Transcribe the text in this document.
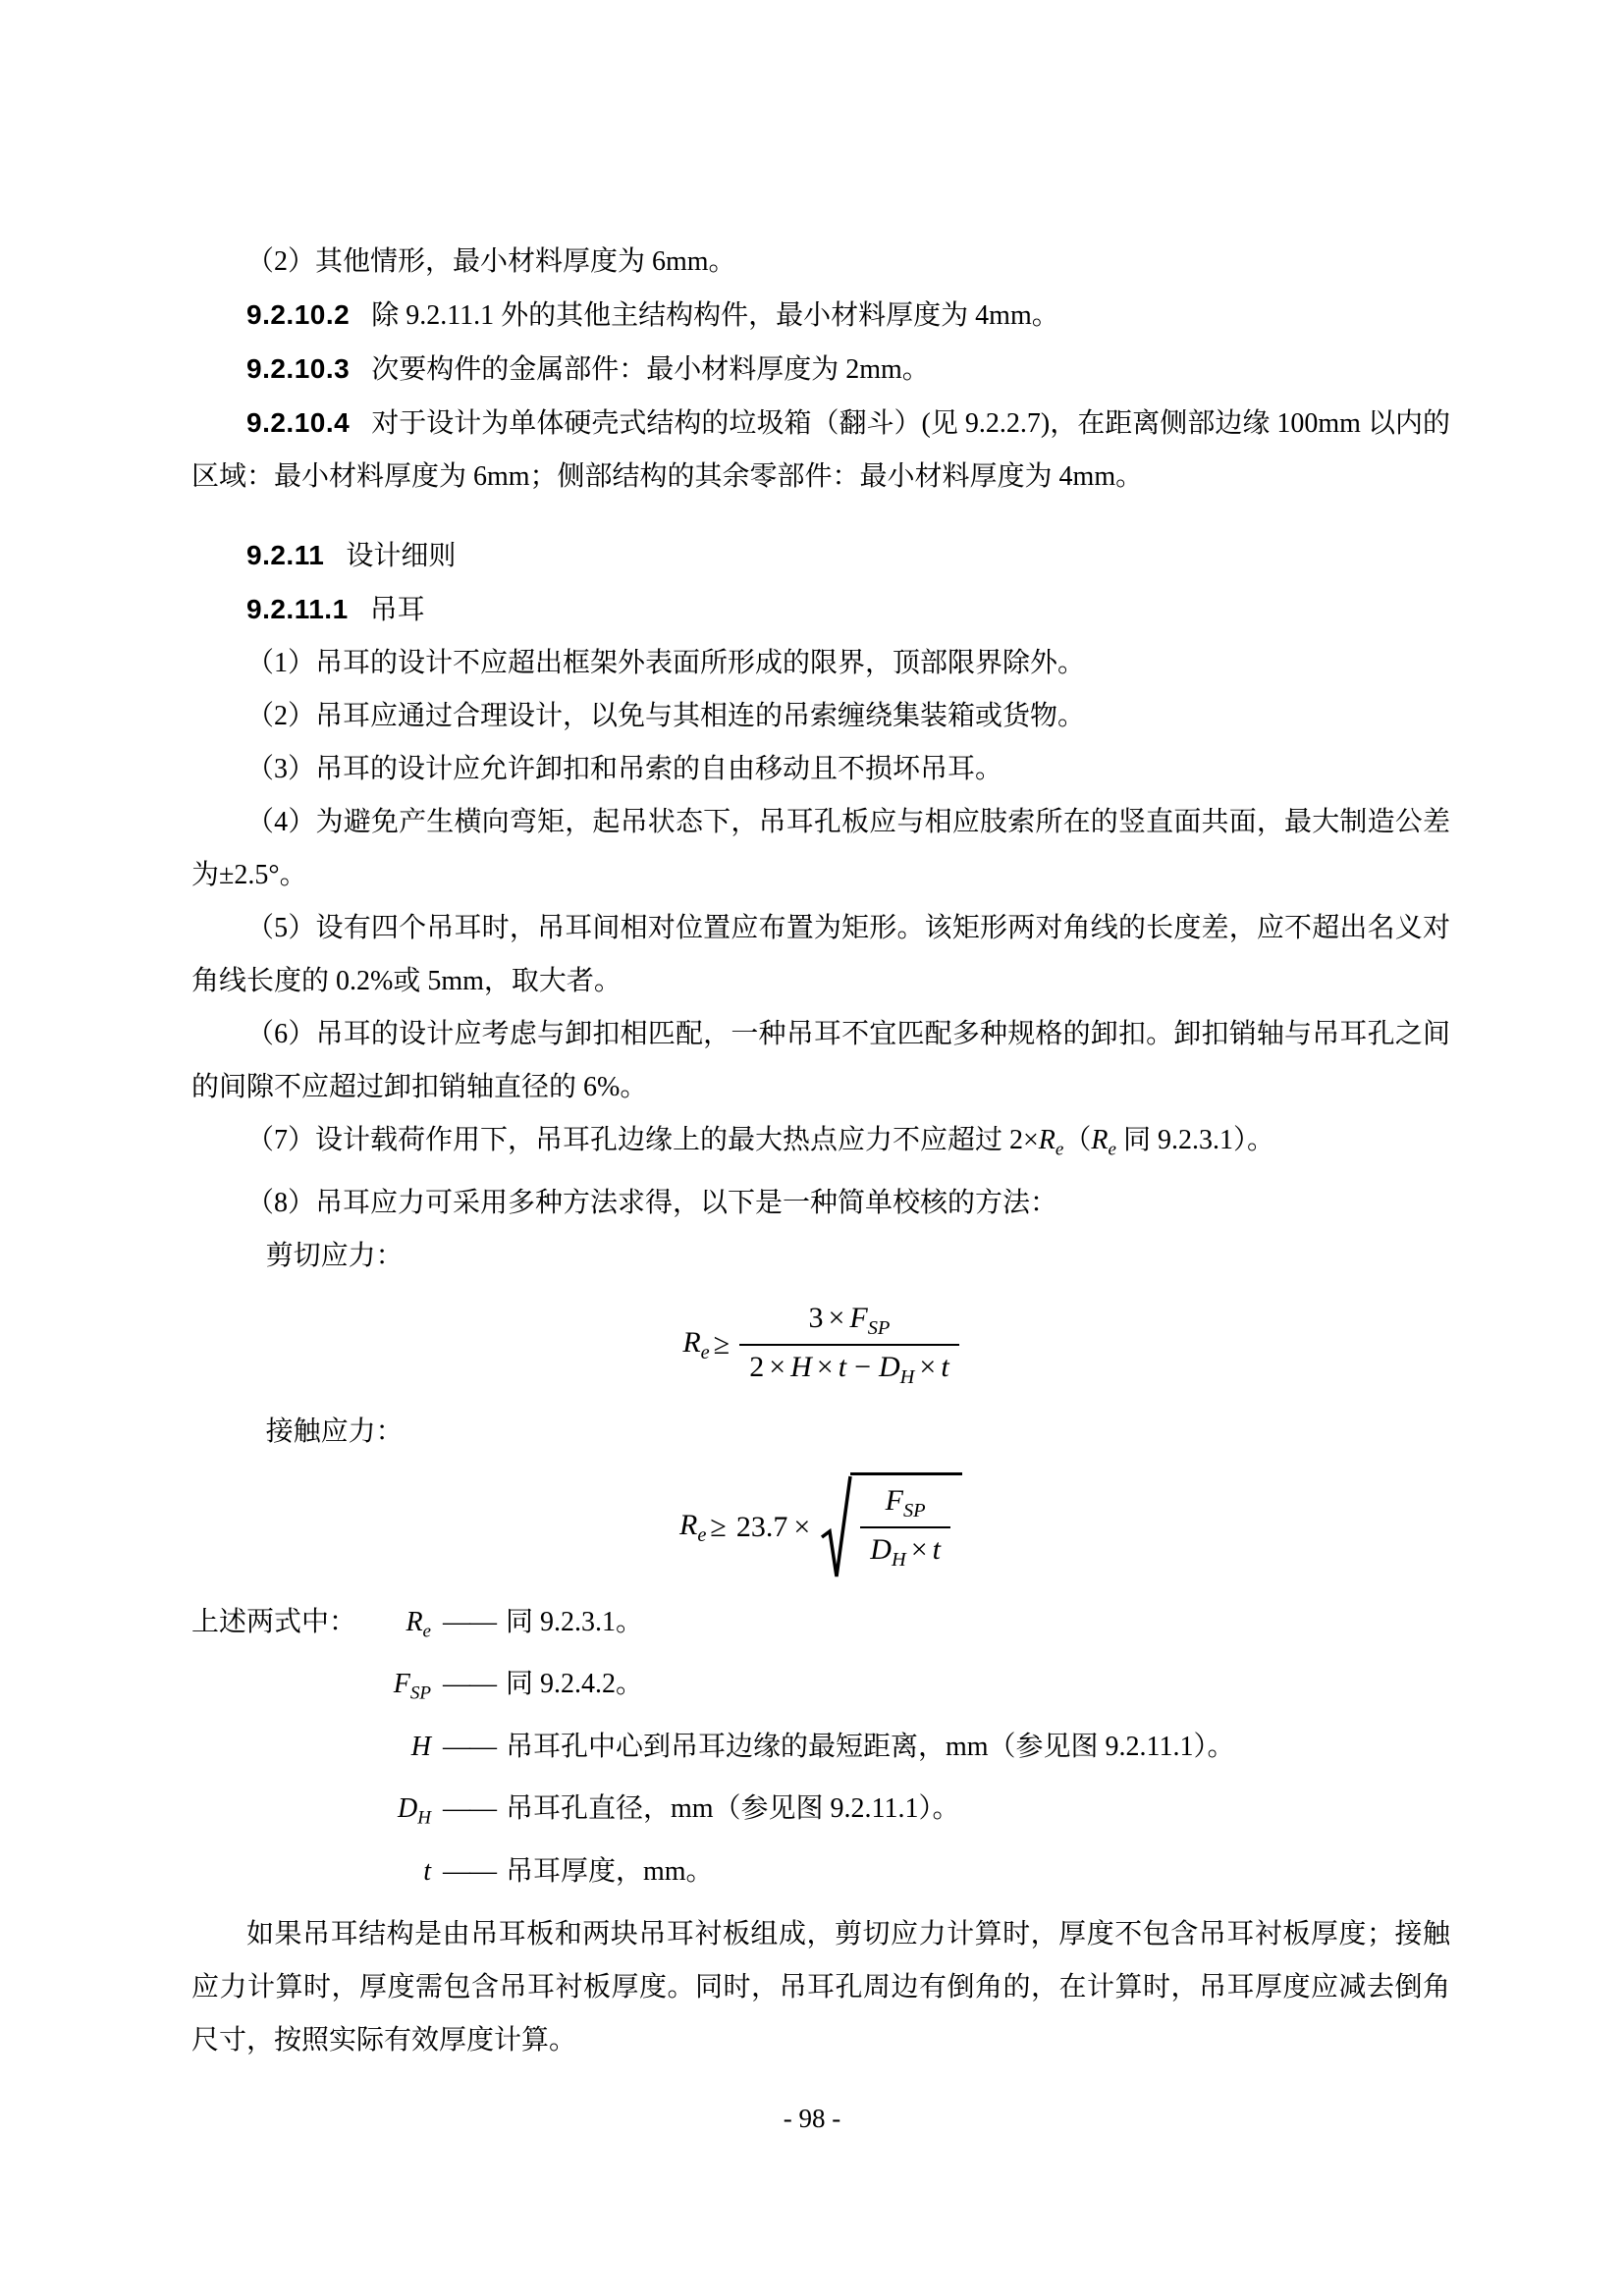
（2）其他情形，最小材料厚度为 6mm。

9.2.10.2 除 9.2.11.1 外的其他主结构构件，最小材料厚度为 4mm。

9.2.10.3 次要构件的金属部件：最小材料厚度为 2mm。

9.2.10.4 对于设计为单体硬壳式结构的垃圾箱（翻斗）(见 9.2.2.7)，在距离侧部边缘 100mm 以内的区域：最小材料厚度为 6mm；侧部结构的其余零部件：最小材料厚度为 4mm。

9.2.11 设计细则

9.2.11.1 吊耳

（1）吊耳的设计不应超出框架外表面所形成的限界，顶部限界除外。

（2）吊耳应通过合理设计，以免与其相连的吊索缠绕集装箱或货物。

（3）吊耳的设计应允许卸扣和吊索的自由移动且不损坏吊耳。

（4）为避免产生横向弯矩，起吊状态下，吊耳孔板应与相应肢索所在的竖直面共面，最大制造公差为±2.5°。

（5）设有四个吊耳时，吊耳间相对位置应布置为矩形。该矩形两对角线的长度差，应不超出名义对角线长度的 0.2%或 5mm，取大者。

（6）吊耳的设计应考虑与卸扣相匹配，一种吊耳不宜匹配多种规格的卸扣。卸扣销轴与吊耳孔之间的间隙不应超过卸扣销轴直径的 6%。

（7）设计载荷作用下，吊耳孔边缘上的最大热点应力不应超过 $2\times R_e(R_e$ 同 9.2.3.1）。

（8）吊耳应力可采用多种方法求得，以下是一种简单校核的方法：

剪切应力：

$R_e \ge \frac{3 \times F_{SP}}{2 \times H \times t - D_H \times t}$

接触应力：

$R_e \ge 23.7 \times \frac{F_{SP}}{D_H \times t}$
上述两式中：	$R_e$ —— 同 9.2.3.1。
$F_{SP}$ —— 同 9.2.4.2。
H —— 吊耳孔中心到吊耳边缘的最短距离，mm（参见图 9.2.11.1）。
$D_H$ —— 吊耳孔直径，mm（参见图 9.2.11.1）。
t —— 吊耳厚度，mm。

如果吊耳结构是由吊耳板和两块吊耳衬板组成，剪切应力计算时，厚度不包含吊耳衬板厚度；接触应力计算时，厚度需包含吊耳衬板厚度。同时，吊耳孔周边有倒角的，在计算时，吊耳厚度应减去倒角尺寸，按照实际有效厚度计算。

- 98 -
